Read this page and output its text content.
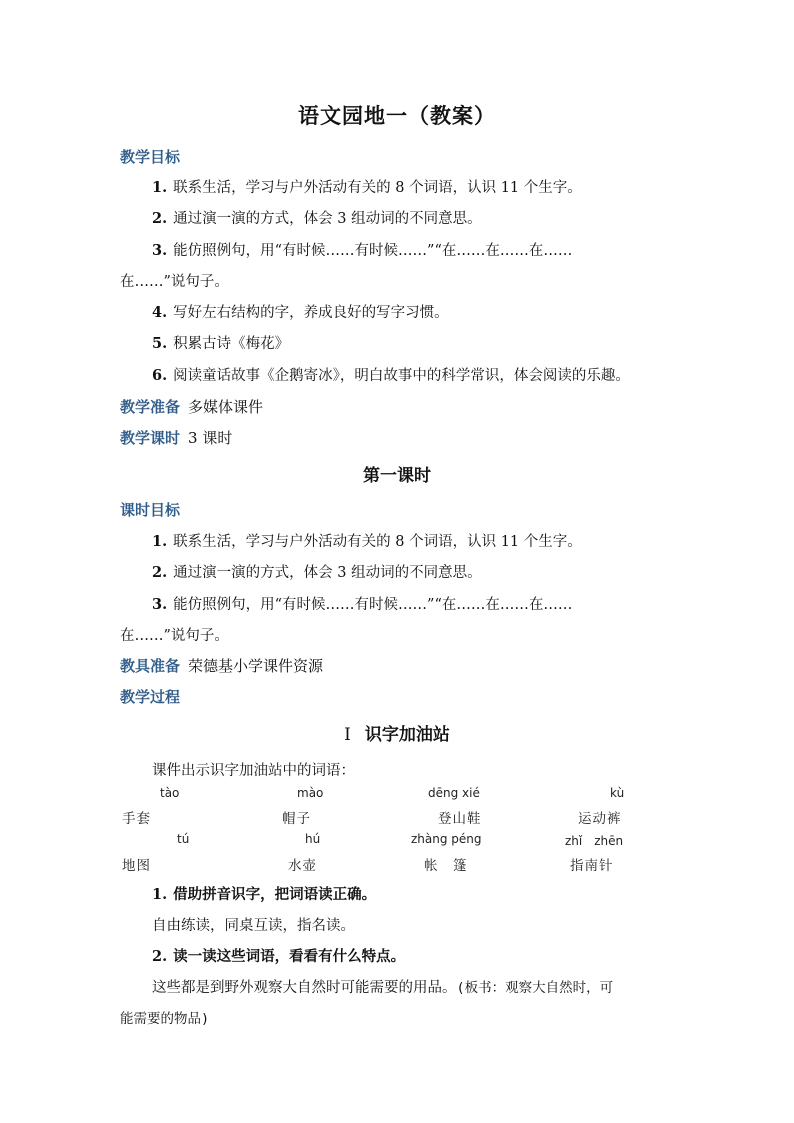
语文园地一（教案）
教学目标
1. 联系生活，学习与户外活动有关的 8 个词语，认识 11 个生字。
2. 通过演一演的方式，体会 3 组动词的不同意思。
3. 能仿照例句，用“有时候……有时候……”“在……在……在……
在……”说句子。
4. 写好左右结构的字，养成良好的写字习惯。
5. 积累古诗《梅花》
6. 阅读童话故事《企鹅寄冰》，明白故事中的科学常识，体会阅读的乐趣。
教学准备 多媒体课件
教学课时 3 课时
第一课时
课时目标
1. 联系生活，学习与户外活动有关的 8 个词语，认识 11 个生字。
2. 通过演一演的方式，体会 3 组动词的不同意思。
3. 能仿照例句，用“有时候……有时候……”“在……在……在……
在……”说句子。
教具准备 荣德基小学课件资源
教学过程
Ⅰ 识字加油站
课件出示识字加油站中的词语：
tào	mào	dēng xié	kù
手套	帽子	登山鞋	运动裤
tú	hú	zhàng péng	zhǐ　zhēn
地图	水壶	帐　篷	指南针
1. 借助拼音识字，把词语读正确。
自由练读，同桌互读，指名读。
2. 读一读这些词语，看看有什么特点。
这些都是到野外观察大自然时可能需要的用品。(板书：观察大自然时，可
能需要的物品)
